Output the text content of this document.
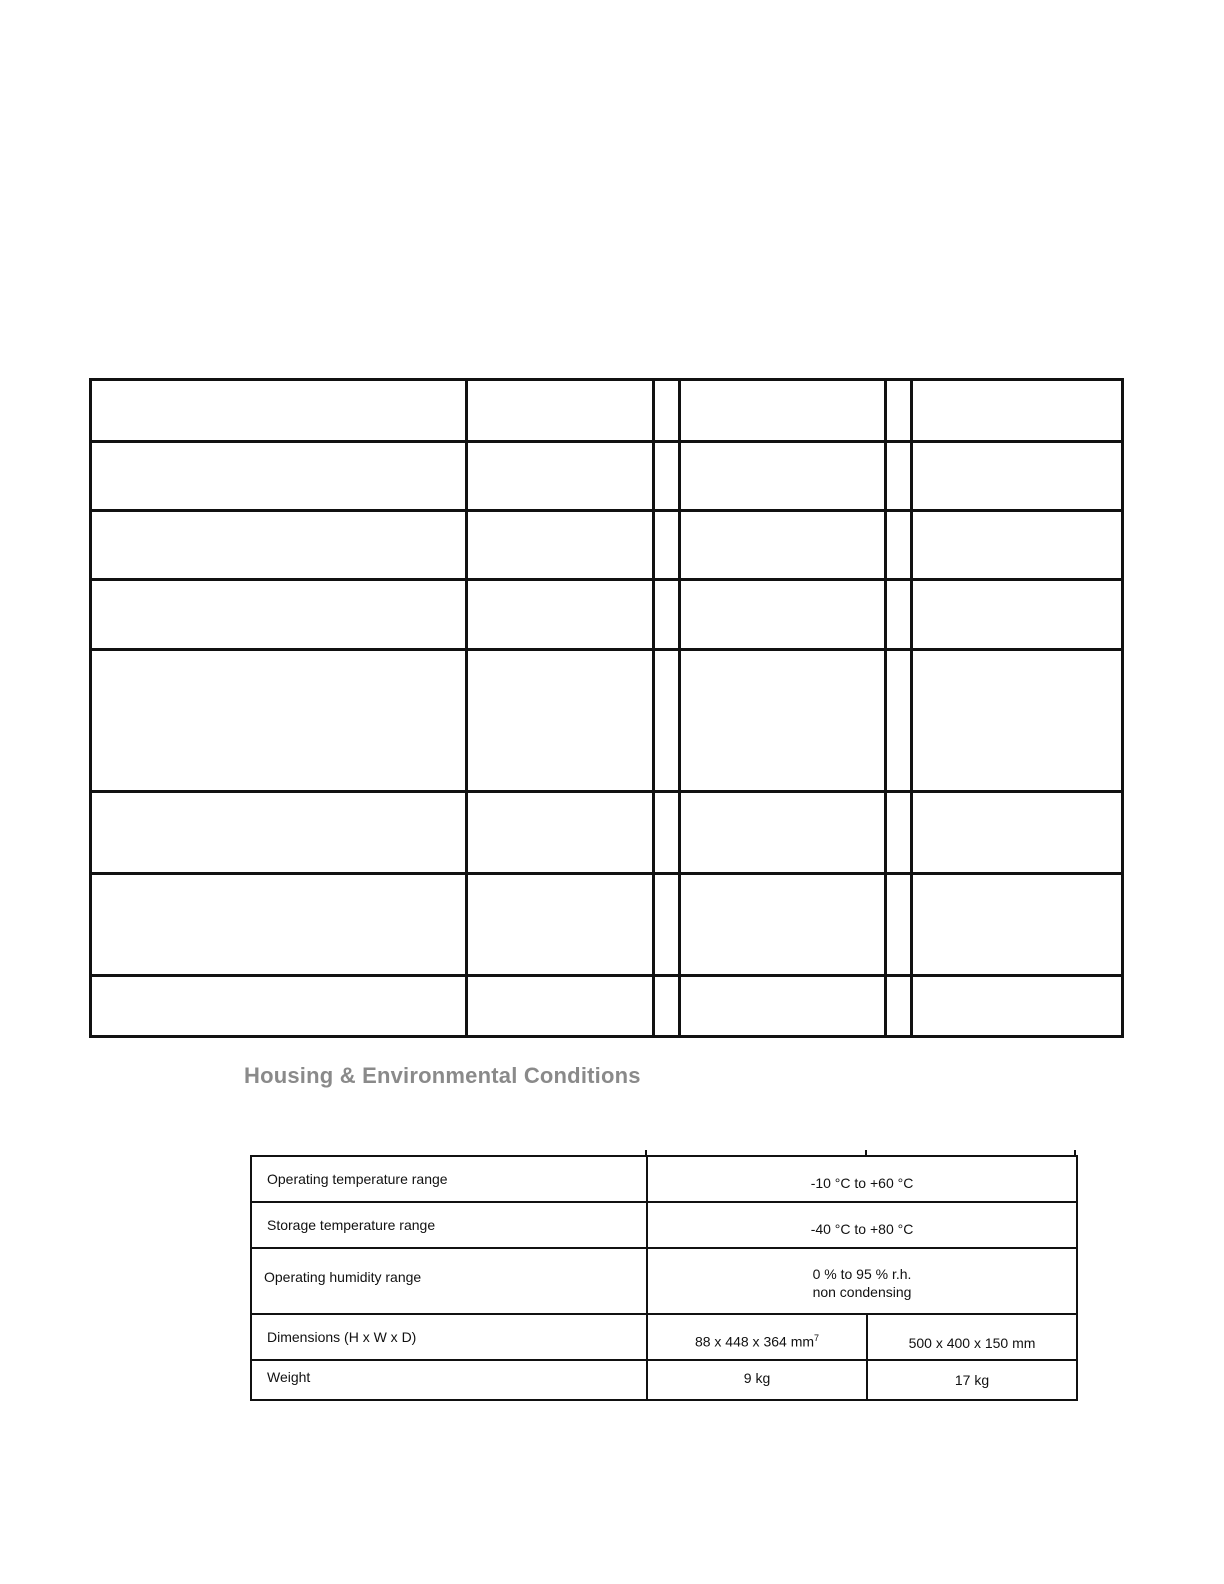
Housing & Environmental Conditions
Operating temperature range	-10 °C to +60 °C	
Storage temperature range	-40 °C to +80 °C	
Operating humidity range	0 % to 95 % r.h.
non condensing	

Dimensions (H x W x D)	88 x 448 x 364 $mm^7$	500 x 400 x 150 mm
Weight	9 kg	17 kg
